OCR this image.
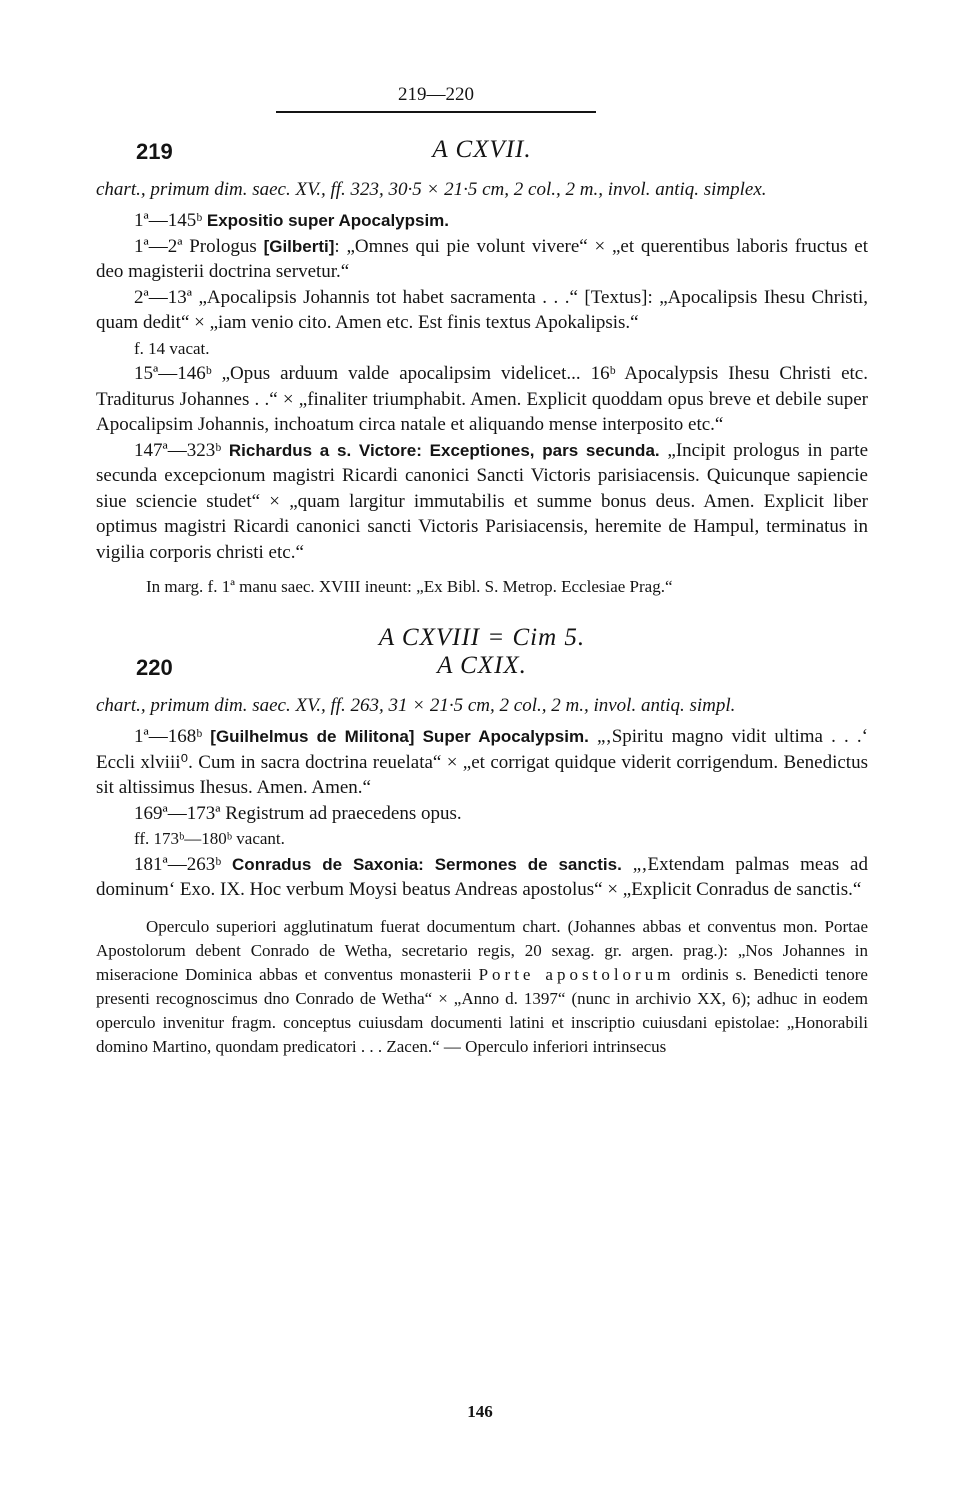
219—220
219	A CXVII.

chart., primum dim. saec. XV., ff. 323, 30·5 × 21·5 cm, 2 col., 2 m., invol. antiq. simplex.

1ª—145ᵇ Expositio super Apocalypsim.

1ª—2ª Prologus [Gilberti]: „Omnes qui pie volunt vivere“ × „et querentibus laboris fructus et deo magisterii doctrina servetur.“

2ª—13ª „Apocalipsis Johannis tot habet sacramenta . . .“ [Textus]: „Apocalipsis Ihesu Christi, quam dedit“ × „iam venio cito. Amen etc. Est finis textus Apokalipsis.“

f. 14 vacat.

15ª—146ᵇ „Opus arduum valde apocalipsim videlicet... 16ᵇ Apocalypsis Ihesu Christi etc. Traditurus Johannes . .“ × „finaliter triumphabit. Amen. Explicit quoddam opus breve et debile super Apocalipsim Johannis, inchoatum circa natale et aliquando mense interposito etc.“

147ª—323ᵇ Richardus a s. Victore: Exceptiones, pars secunda. „Incipit prologus in parte secunda excepcionum magistri Ricardi canonici Sancti Victoris parisiacensis. Quicunque sapiencie siue sciencie studet“ × „quam largitur immutabilis et summe bonus deus. Amen. Explicit liber optimus magistri Ricardi canonici sancti Victoris Parisiacensis, heremite de Hampul, terminatus in vigilia corporis christi etc.“

In marg. f. 1ª manu saec. XVIII ineunt: „Ex Bibl. S. Metrop. Ecclesiae Prag.“

A CXVIII = Cim 5.
220	A CXIX.

chart., primum dim. saec. XV., ff. 263, 31 × 21·5 cm, 2 col., 2 m., invol. antiq. simpl.

1ª—168ᵇ [Guilhelmus de Militona] Super Apocalypsim. „‚Spiritu magno vidit ultima . . .‘ Eccli xlviii⁰. Cum in sacra doctrina reuelata“ × „et corrigat quidque viderit corrigendum. Benedictus sit altissimus Ihesus. Amen. Amen.“

169ª—173ª Registrum ad praecedens opus.

ff. 173ᵇ—180ᵇ vacant.

181ª—263ᵇ Conradus de Saxonia: Sermones de sanctis. „‚Extendam palmas meas ad dominum‘ Exo. IX. Hoc verbum Moysi beatus Andreas apostolus“ × „Explicit Conradus de sanctis.“

Operculo superiori agglutinatum fuerat documentum chart. (Johannes abbas et conventus mon. Portae Apostolorum debent Conrado de Wetha, secretario regis, 20 sexag. gr. argen. prag.): „Nos Johannes in miseracione Dominica abbas et conventus monasterii Porte apostolorum ordinis s. Benedicti tenore presenti recognoscimus dno Conrado de Wetha“ × „Anno d. 1397“ (nunc in archivio XX, 6); adhuc in eodem operculo invenitur fragm. conceptus cuiusdam documenti latini et inscriptio cuiusdani epistolae: „Honorabili domino Martino, quondam predicatori . . . Zacen.“ — Operculo inferiori intrinsecus

146
